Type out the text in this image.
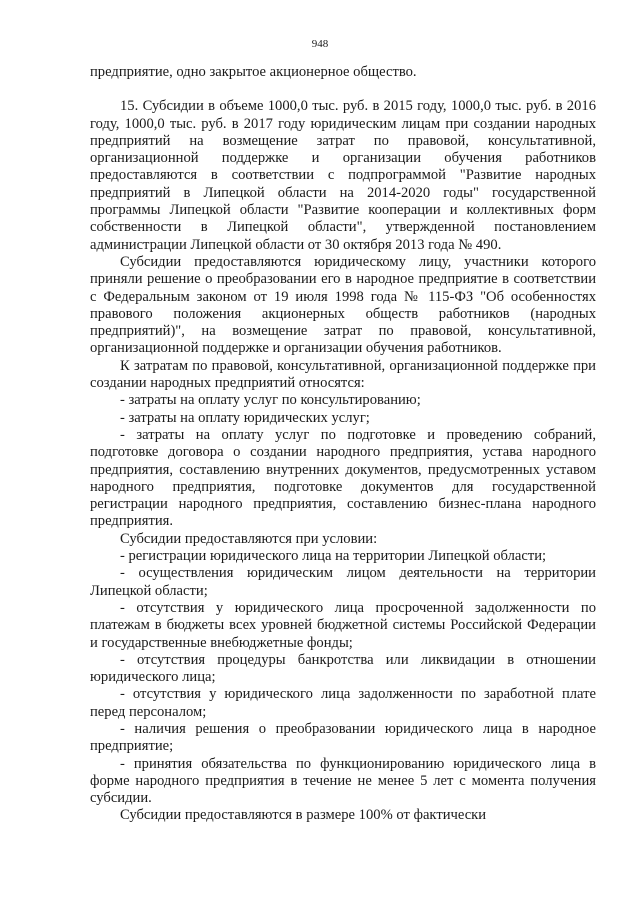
948

предприятие, одно закрытое акционерное общество.

15. Субсидии в объеме 1000,0 тыс. руб. в 2015 году, 1000,0 тыс. руб. в 2016 году, 1000,0 тыс. руб. в 2017 году юридическим лицам при создании народных предприятий на возмещение затрат по правовой, консультативной, организационной поддержке и организации обучения работников предоставляются в соответствии с подпрограммой "Развитие народных предприятий в Липецкой области на 2014-2020 годы" государственной программы Липецкой области "Развитие кооперации и коллективных форм собственности в Липецкой области", утвержденной постановлением администрации Липецкой области от 30 октября 2013 года № 490.

Субсидии предоставляются юридическому лицу, участники которого приняли решение о преобразовании его в народное предприятие в соответствии с Федеральным законом от 19 июля 1998 года № 115-ФЗ "Об особенностях правового положения акционерных обществ работников (народных предприятий)", на возмещение затрат по правовой, консультативной, организационной поддержке и организации обучения работников.

К затратам по правовой, консультативной, организационной поддержке при создании народных предприятий относятся:

- затраты на оплату услуг по консультированию;

- затраты на оплату юридических услуг;

- затраты на оплату услуг по подготовке и проведению собраний, подготовке договора о создании народного предприятия, устава народного предприятия, составлению внутренних документов, предусмотренных уставом народного предприятия, подготовке документов для государственной регистрации народного предприятия, составлению бизнес-плана народного предприятия.

Субсидии предоставляются при условии:

- регистрации юридического лица на территории Липецкой области;

- осуществления юридическим лицом деятельности на территории Липецкой области;

- отсутствия у юридического лица просроченной задолженности по платежам в бюджеты всех уровней бюджетной системы Российской Федерации и государственные внебюджетные фонды;

- отсутствия процедуры банкротства или ликвидации в отношении юридического лица;

- отсутствия у юридического лица задолженности по заработной плате перед персоналом;

- наличия решения о преобразовании юридического лица в народное предприятие;

- принятия обязательства по функционированию юридического лица в форме народного предприятия в течение не менее 5 лет с момента получения субсидии.

Субсидии предоставляются в размере 100% от фактически
